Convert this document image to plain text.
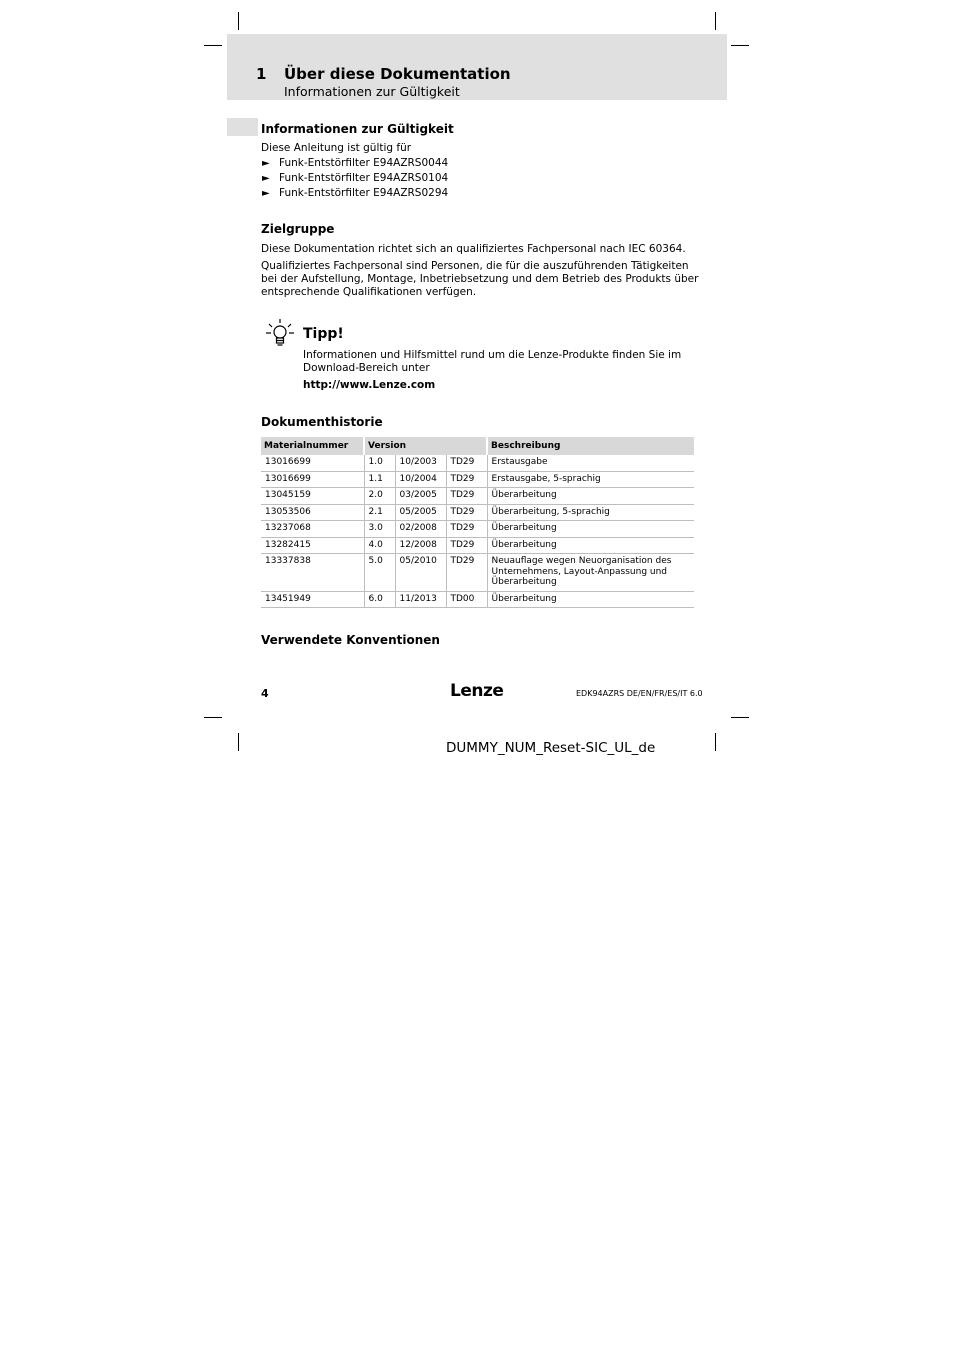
1 Über diese Dokumentation
Informationen zur Gültigkeit
Informationen zur Gültigkeit
Diese Anleitung ist gültig für
► Funk-Entstörfilter E94AZRS0044
► Funk-Entstörfilter E94AZRS0104
► Funk-Entstörfilter E94AZRS0294
Zielgruppe
Diese Dokumentation richtet sich an qualifiziertes Fachpersonal nach IEC 60364.
Qualifiziertes Fachpersonal sind Personen, die für die auszuführenden Tätigkeiten bei der Aufstellung, Montage, Inbetriebsetzung und dem Betrieb des Produkts über entsprechende Qualifikationen verfügen.
Tipp!
Informationen und Hilfsmittel rund um die Lenze-Produkte finden Sie im Download-Bereich unter
http://www.Lenze.com
Dokumenthistorie
Materialnummer	Version			Beschreibung
13016699	1.0	10/2003	TD29	Erstausgabe
13016699	1.1	10/2004	TD29	Erstausgabe, 5-sprachig
13045159	2.0	03/2005	TD29	Überarbeitung
13053506	2.1	05/2005	TD29	Überarbeitung, 5-sprachig
13237068	3.0	02/2008	TD29	Überarbeitung
13282415	4.0	12/2008	TD29	Überarbeitung
13337838	5.0	05/2010	TD29	Neuauflage wegen Neuorganisation des Unternehmens, Layout-Anpassung und Überarbeitung
13451949	6.0	11/2013	TD00	Überarbeitung
Verwendete Konventionen
4	Lenze	EDK94AZRS DE/EN/FR/ES/IT 6.0
DUMMY_NUM_Reset-SIC_UL_de
